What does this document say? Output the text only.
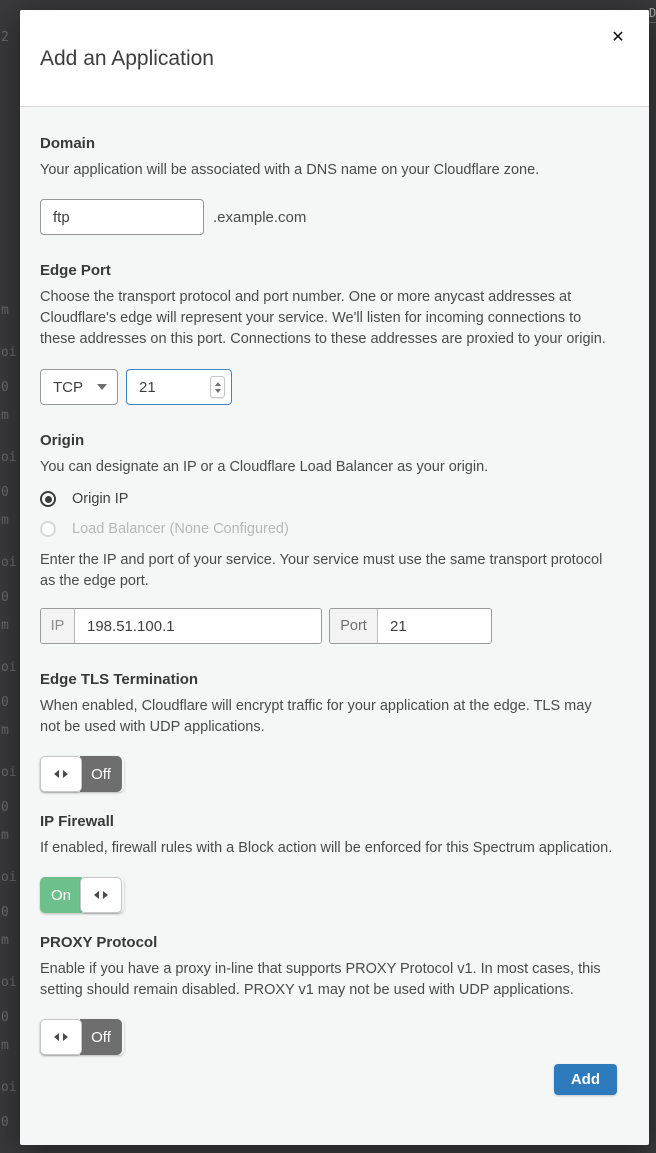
2
m
oi
0
m
oi
0
m
oi
0
m
oi
0
m
oi
0
m
oi
0
m
oi
0
m
oi
0
D
Add an Application
✕
Domain
Your application will be associated with a DNS name on your Cloudflare zone.
ftp
.example.com
Edge Port
Choose the transport protocol and port number. One or more anycast addresses at Cloudflare's edge will represent your service. We'll listen for incoming connections to these addresses on this port. Connections to these addresses are proxied to your origin.
TCP
21
Origin
You can designate an IP or a Cloudflare Load Balancer as your origin.
Origin IP
Load Balancer (None Configured)
Enter the IP and port of your service. Your service must use the same transport protocol as the edge port.
IP
198.51.100.1	Port
21
Edge TLS Termination
When enabled, Cloudflare will encrypt traffic for your application at the edge. TLS may not be used with UDP applications.
Off
IP Firewall
If enabled, firewall rules with a Block action will be enforced for this Spectrum application.
On
PROXY Protocol
Enable if you have a proxy in-line that supports PROXY Protocol v1. In most cases, this setting should remain disabled. PROXY v1 may not be used with UDP applications.
Off
Add
